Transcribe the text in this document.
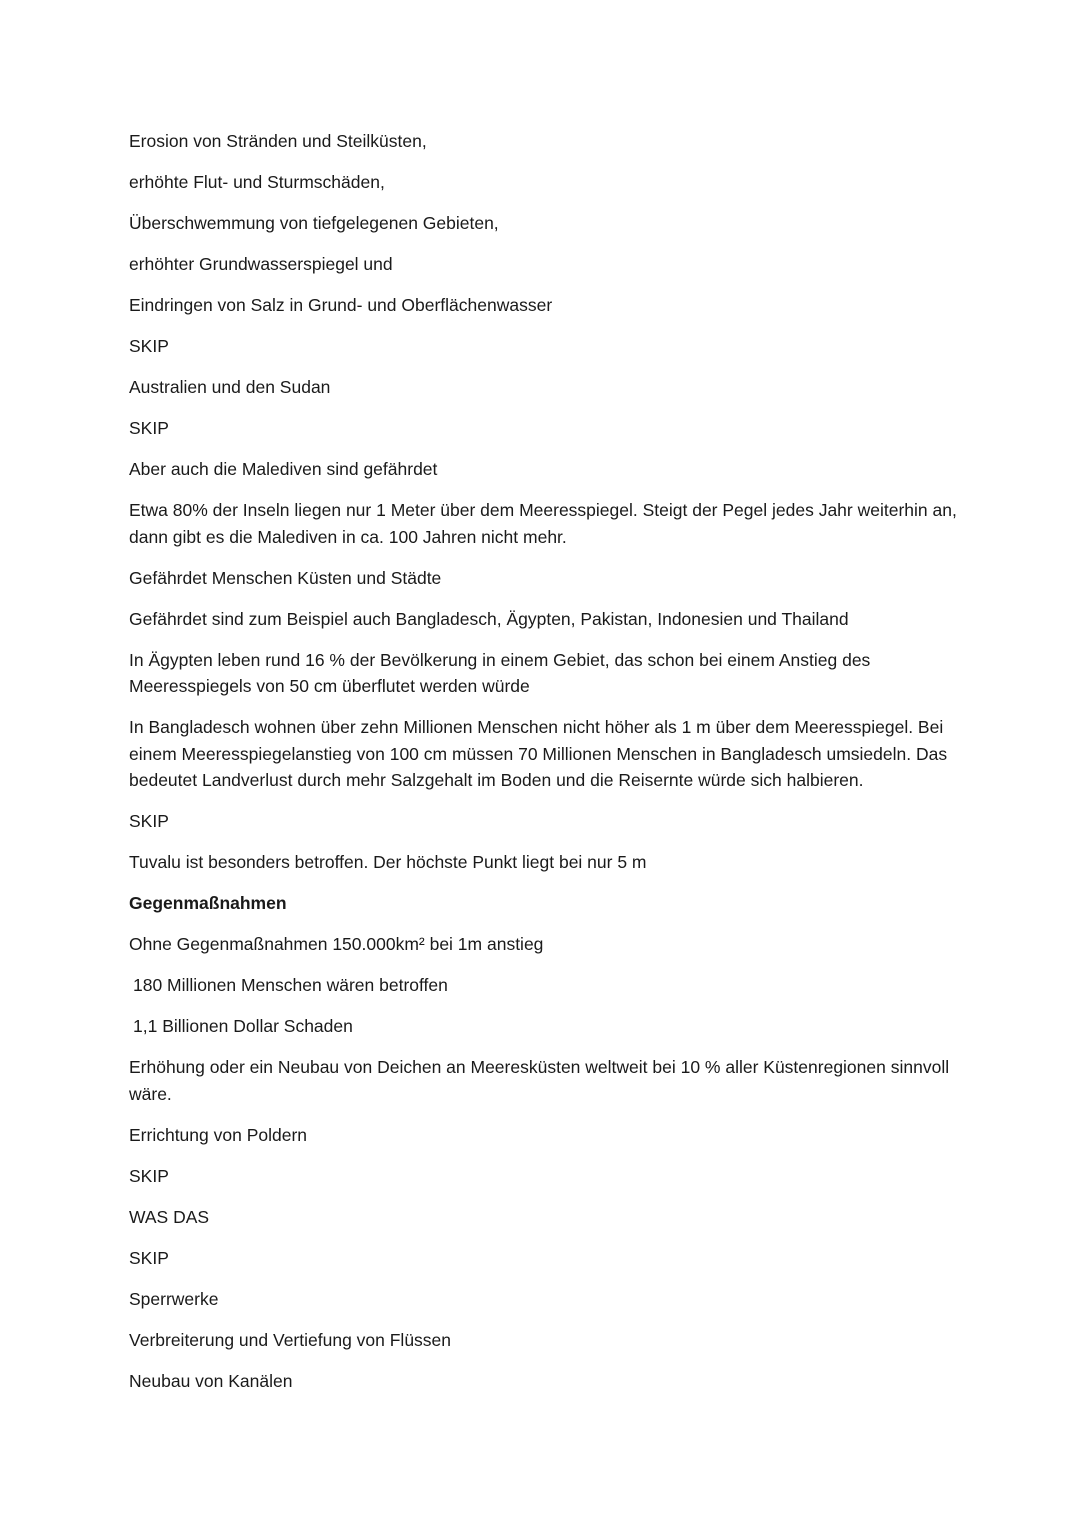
Erosion von Stränden und Steilküsten,

erhöhte Flut- und Sturmschäden,

Überschwemmung von tiefgelegenen Gebieten,

erhöhter Grundwasserspiegel und

Eindringen von Salz in Grund- und Oberflächenwasser

SKIP

Australien und den Sudan

SKIP

Aber auch die Malediven sind gefährdet

Etwa 80% der Inseln liegen nur 1 Meter über dem Meeresspiegel. Steigt der Pegel jedes Jahr weiterhin an, dann gibt es die Malediven in ca. 100 Jahren nicht mehr.

Gefährdet Menschen Küsten und Städte

Gefährdet sind zum Beispiel auch Bangladesch, Ägypten, Pakistan, Indonesien und Thailand

In Ägypten leben rund 16 % der Bevölkerung in einem Gebiet, das schon bei einem Anstieg des Meeresspiegels von 50 cm überflutet werden würde

In Bangladesch wohnen über zehn Millionen Menschen nicht höher als 1 m über dem Meeresspiegel. Bei einem Meeresspiegelanstieg von 100 cm müssen 70 Millionen Menschen in Bangladesch umsiedeln. Das bedeutet Landverlust durch mehr Salzgehalt im Boden und die Reisernte würde sich halbieren.

SKIP

Tuvalu ist besonders betroffen. Der höchste Punkt liegt bei nur 5 m

Gegenmaßnahmen

Ohne Gegenmaßnahmen 150.000km² bei 1m anstieg

180 Millionen Menschen wären betroffen

1,1 Billionen Dollar Schaden

Erhöhung oder ein Neubau von Deichen an Meeresküsten weltweit bei 10 % aller Küstenregionen sinnvoll wäre.

Errichtung von Poldern

SKIP

WAS DAS

SKIP

Sperrwerke

Verbreiterung und Vertiefung von Flüssen

Neubau von Kanälen
